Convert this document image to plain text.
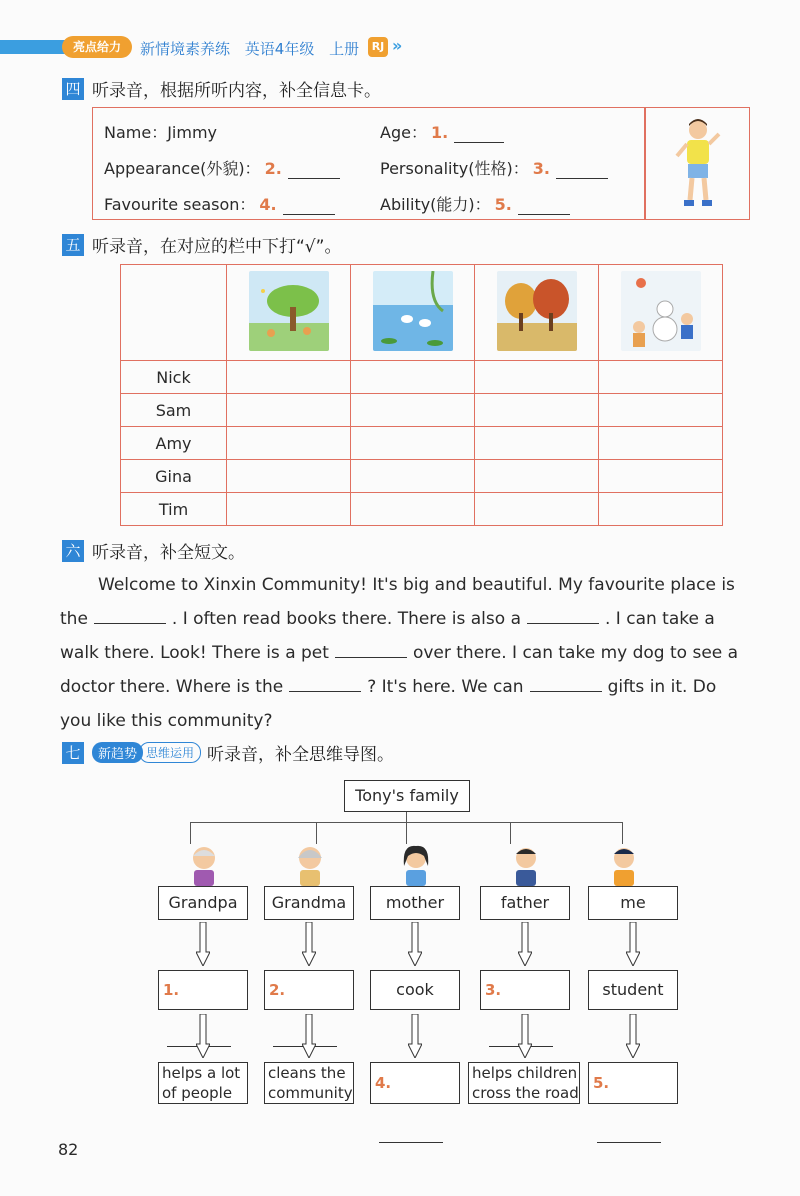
亮点给力	新情境素养练 英语4年级 上册	RJ »
四 听录音，根据所听内容，补全信息卡。
Name：Jimmy	Age： 1.
Appearance(外貌)： 2.	Personality(性格)： 3.
Favourite season： 4.	Ability(能力)： 5.
五 听录音，在对应的栏中下打“√”。

Nick				
Sam				
Amy				
Gina				
Tim				
六 听录音，补全短文。
Welcome to Xinxin Community! It's big and beautiful. My favourite place is
the	. I often read books there. There is also a	. I can take a
walk there. Look! There is a pet	over there. I can take my dog to see a
doctor there. Where is the	? It's here. We can	gifts in it. Do
you like this community?
七 新趋势 思维运用 听录音，补全思维导图。
Tony's family
Grandpa	Grandma	mother	father	me
1.	2.	cook	3.	student
helps a lot
of people
cleans the
community
4.
helps children
cross the road
5.
82
